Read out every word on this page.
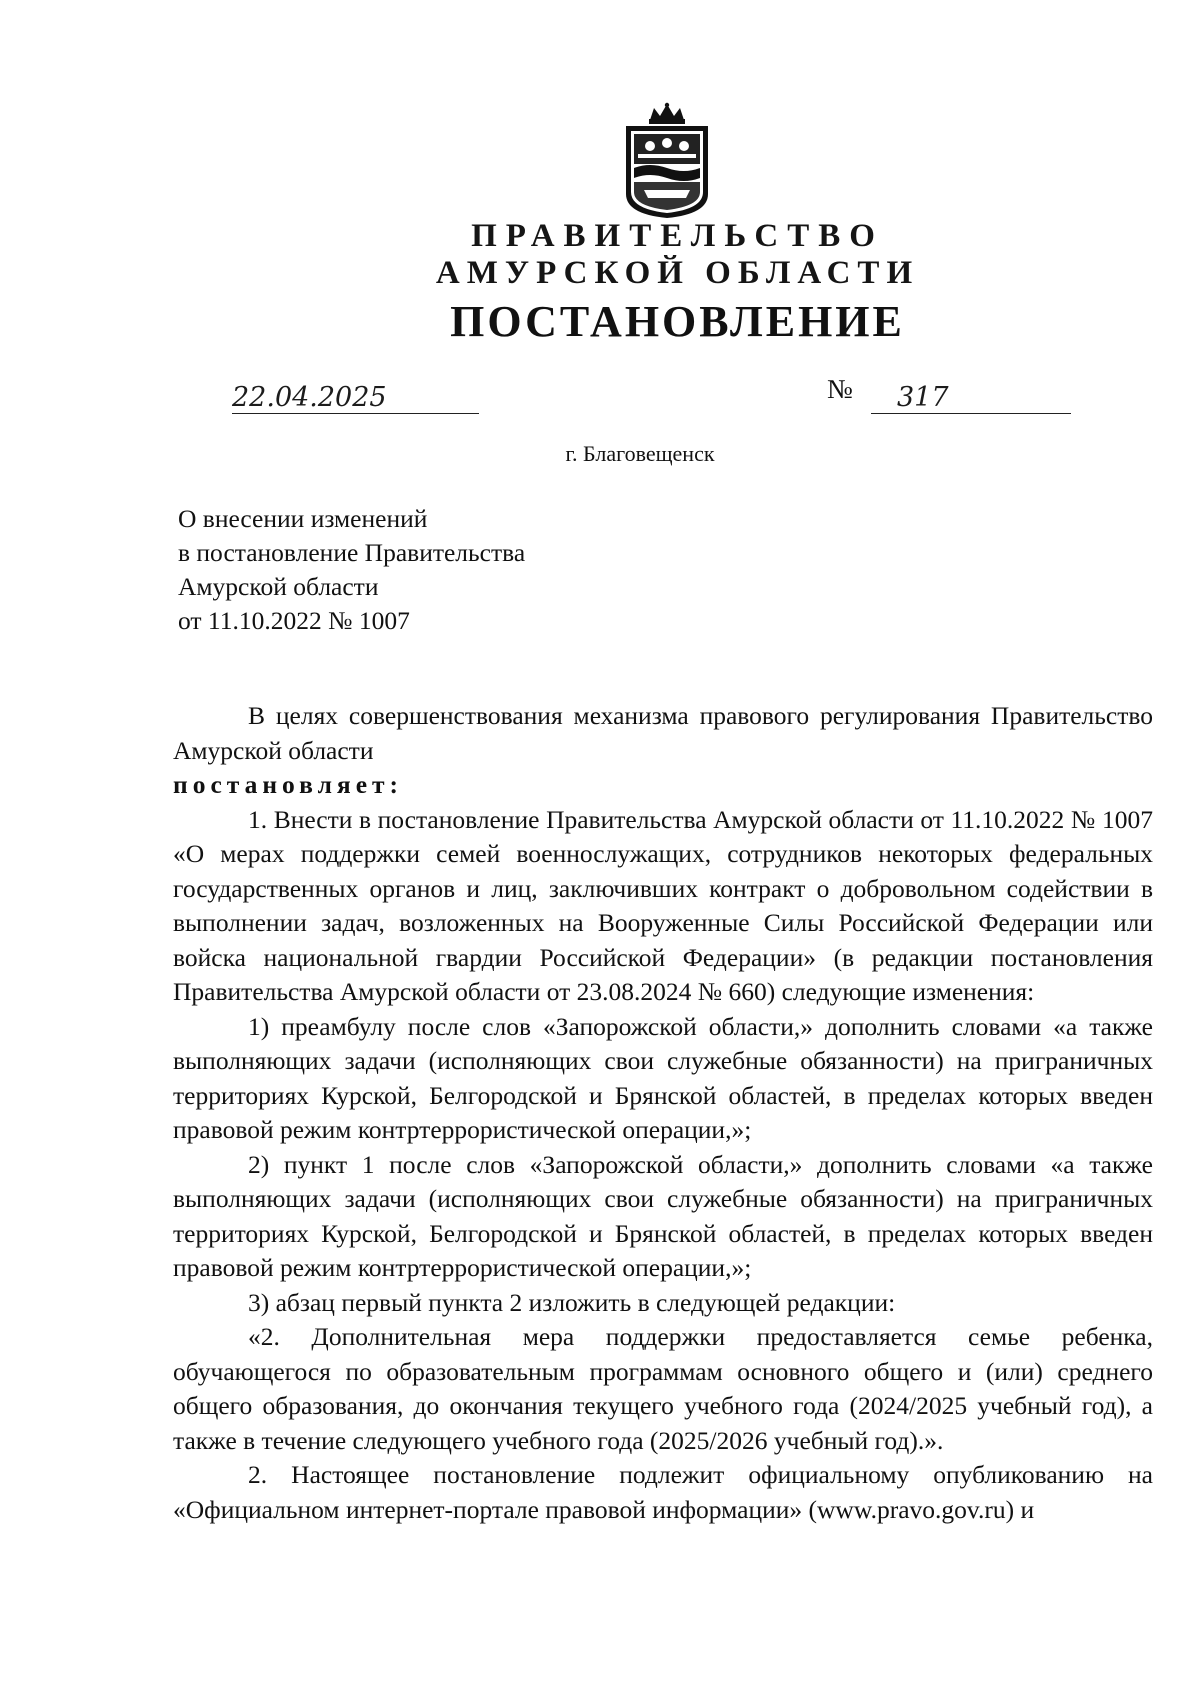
ПРАВИТЕЛЬСТВО
АМУРСКОЙ ОБЛАСТИ
ПОСТАНОВЛЕНИЕ
22.04.2025	№ 317
г. Благовещенск
О внесении изменений
в постановление Правительства
Амурской области
от 11.10.2022 № 1007

В целях совершенствования механизма правового регулирования Правительство Амурской области

постановляет:

1. Внести в постановление Правительства Амурской области от 11.10.2022 № 1007 «О мерах поддержки семей военнослужащих, сотрудников некоторых федеральных государственных органов и лиц, заключивших контракт о добровольном содействии в выполнении задач, возложенных на Вооруженные Силы Российской Федерации или войска национальной гвардии Российской Федерации» (в редакции постановления Правительства Амурской области от 23.08.2024 № 660) следующие изменения:

1) преамбулу после слов «Запорожской области,» дополнить словами «а также выполняющих задачи (исполняющих свои служебные обязанности) на приграничных территориях Курской, Белгородской и Брянской областей, в пределах которых введен правовой режим контртеррористической операции,»;

2) пункт 1 после слов «Запорожской области,» дополнить словами «а также выполняющих задачи (исполняющих свои служебные обязанности) на приграничных территориях Курской, Белгородской и Брянской областей, в пределах которых введен правовой режим контртеррористической операции,»;

3) абзац первый пункта 2 изложить в следующей редакции:

«2. Дополнительная мера поддержки предоставляется семье ребенка, обучающегося по образовательным программам основного общего и (или) среднего общего образования, до окончания текущего учебного года (2024/2025 учебный год), а также в течение следующего учебного года (2025/2026 учебный год).».

2. Настоящее постановление подлежит официальному опубликованию на «Официальном интернет-портале правовой информации» (www.pravo.gov.ru) и
